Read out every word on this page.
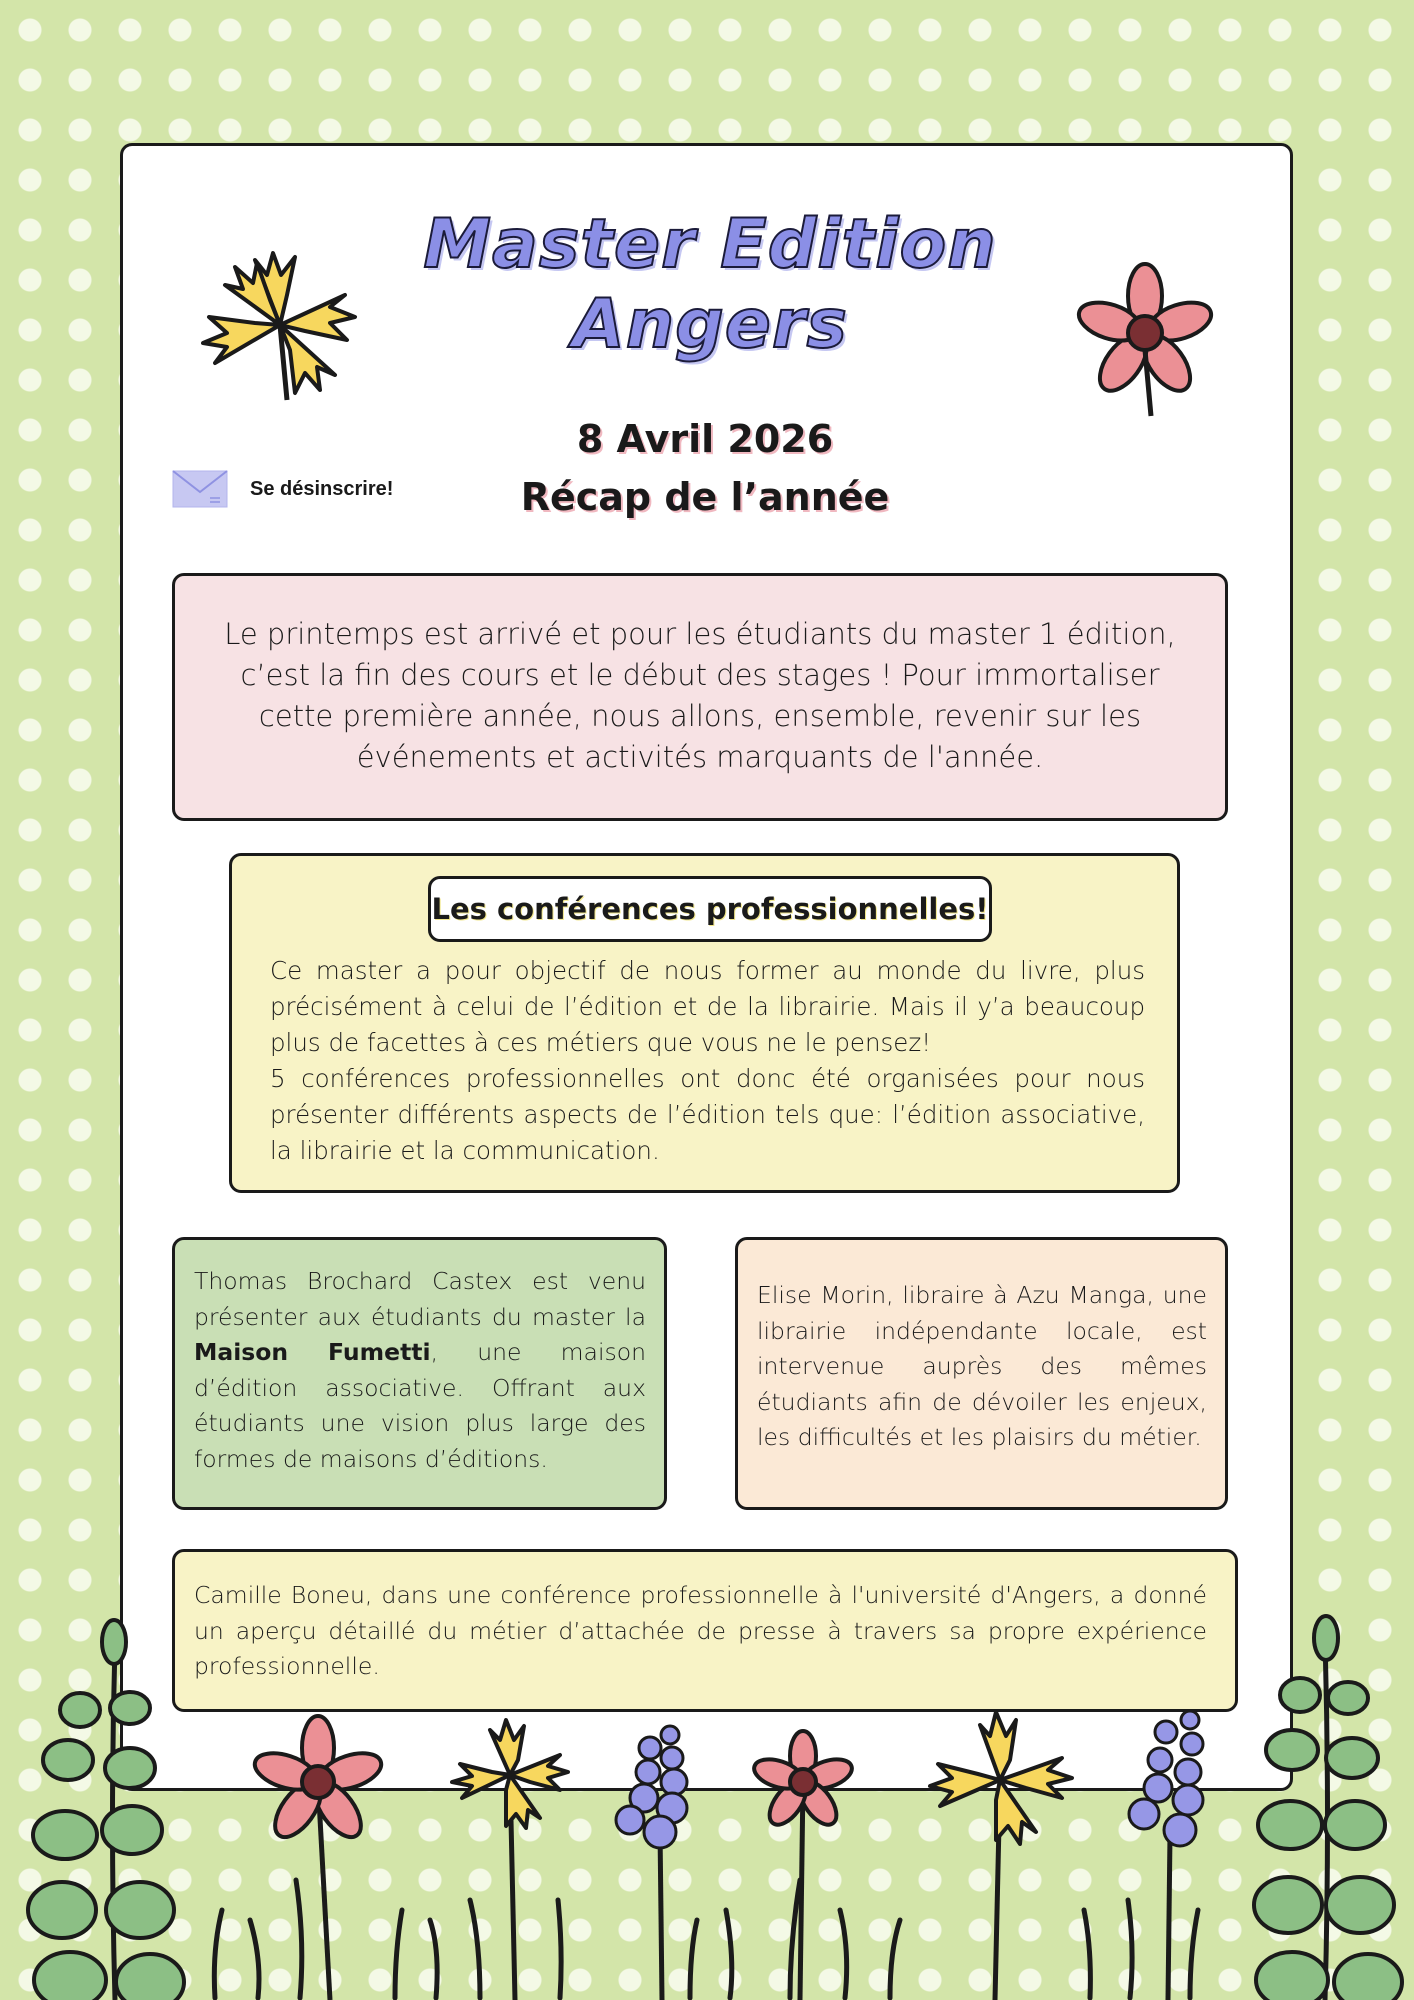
Master Edition
Angers
8 Avril 2026
Récap de l’année
Se désinscrire!
Le printemps est arrivé et pour les étudiants du master 1 édition, c’est la fin des cours et le début des stages ! Pour immortaliser cette première année, nous allons, ensemble, revenir sur les événements et activités marquants de l'année.
Les conférences professionnelles!
Ce master a pour objectif de nous former au monde du livre, plus précisément à celui de l’édition et de la librairie. Mais il y’a beaucoup plus de facettes à ces métiers que vous ne le pensez!
5 conférences professionnelles ont donc été organisées pour nous présenter différents aspects de l’édition tels que: l’édition associative, la librairie et la communication.
Thomas Brochard Castex est venu présenter aux étudiants du master la Maison Fumetti, une maison d’édition associative. Offrant aux étudiants une vision plus large des formes de maisons d’éditions.
Elise Morin, libraire à Azu Manga, une librairie indépendante locale, est intervenue auprès des mêmes étudiants afin de dévoiler les enjeux, les difficultés et les plaisirs du métier.
Camille Boneu, dans une conférence professionnelle à l'université d'Angers, a donné un aperçu détaillé du métier d’attachée de presse à travers sa propre expérience professionnelle.
